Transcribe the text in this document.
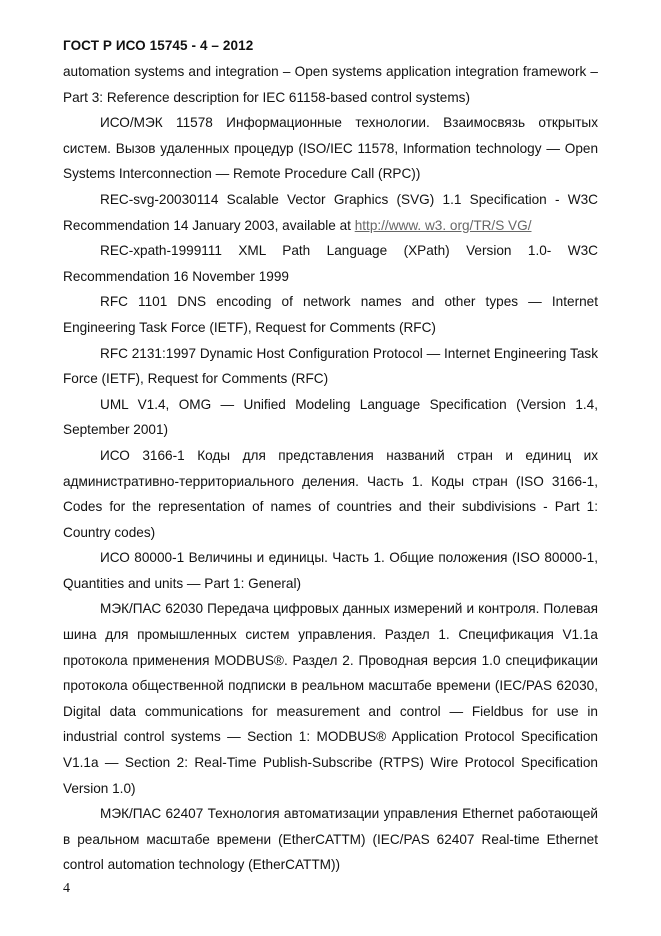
ГОСТ Р ИСО 15745 - 4 – 2012

automation systems and integration – Open systems application integration framework – Part 3: Reference description for IEC 61158-based control systems)

ИСО/МЭК 11578 Информационные технологии. Взаимосвязь открытых систем. Вызов удаленных процедур (ISO/IEC 11578, Information technology — Open Systems Interconnection — Remote Procedure Call (RPC))

REC-svg-20030114 Scalable Vector Graphics (SVG) 1.1 Specification - W3C Recommendation 14 January 2003, available at http://www. w3. org/TR/S VG/

REC-xpath-1999111 XML Path Language (XPath) Version 1.0- W3C Recommendation 16 November 1999

RFC 1101 DNS encoding of network names and other types — Internet Engineering Task Force (IETF), Request for Comments (RFC)

RFC 2131:1997 Dynamic Host Configuration Protocol — Internet Engineering Task Force (IETF), Request for Comments (RFC)

UML V1.4, OMG — Unified Modeling Language Specification (Version 1.4, September 2001)

ИСО 3166-1 Коды для представления названий стран и единиц их административно-территориального деления. Часть 1. Коды стран (ISO 3166-1, Codes for the representation of names of countries and their subdivisions - Part 1: Country codes)

ИСО 80000-1 Величины и единицы. Часть 1. Общие положения (ISO 80000-1, Quantities and units — Part 1: General)

МЭК/ПАС 62030 Передача цифровых данных измерений и контроля. Полевая шина для промышленных систем управления. Раздел 1. Спецификация V1.1a протокола применения MODBUS®. Раздел 2. Проводная версия 1.0 спецификации протокола общественной подписки в реальном масштабе времени (IEC/PAS 62030, Digital data communications for measurement and control — Fieldbus for use in industrial control systems — Section 1: MODBUS® Application Protocol Specification V1.1a — Section 2: Real-Time Publish-Subscribe (RTPS) Wire Protocol Specification Version 1.0)

МЭК/ПАС 62407 Технология автоматизации управления Ethernet работающей в реальном масштабе времени (EtherCATТМ) (IEC/PAS 62407 Real-time Ethernet control automation technology (EtherCATТМ))

4
